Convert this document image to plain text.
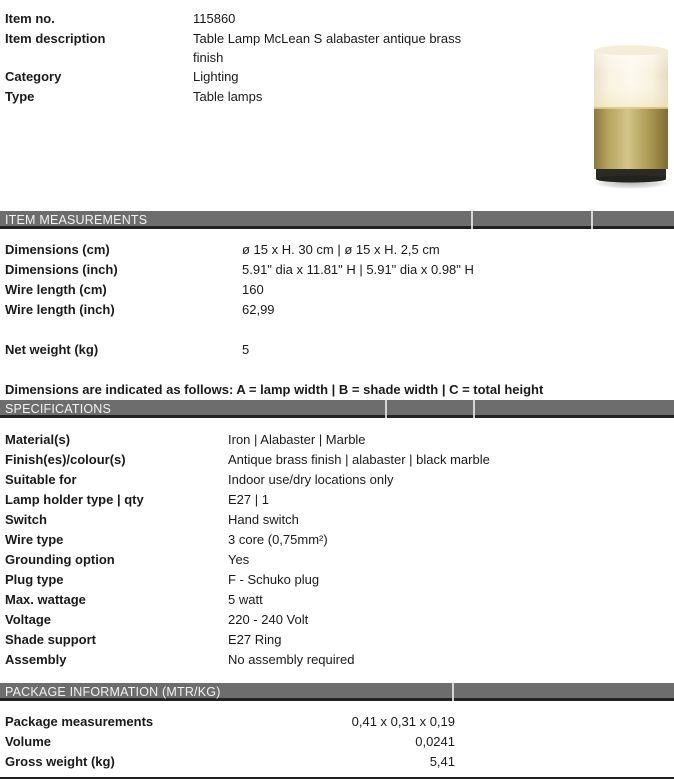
Item no.	115860
Item description	Table Lamp McLean S alabaster antique brass finish
Category	Lighting
Type	Table lamps
ITEM MEASUREMENTS
Dimensions (cm)	ø 15 x H. 30 cm | ø 15 x H. 2,5 cm
Dimensions (inch)	5.91" dia x 11.81" H | 5.91" dia x 0.98" H
Wire length (cm)	160
Wire length (inch)	62,99
Net weight (kg)	5
Dimensions are indicated as follows: A = lamp width | B = shade width | C = total height
SPECIFICATIONS
Material(s)	Iron | Alabaster | Marble
Finish(es)/colour(s)	Antique brass finish | alabaster | black marble
Suitable for	Indoor use/dry locations only
Lamp holder type | qty	E27 | 1
Switch	Hand switch
Wire type	3 core (0,75mm²)
Grounding option	Yes
Plug type	F - Schuko plug
Max. wattage	5 watt
Voltage	220 - 240 Volt
Shade support	E27 Ring
Assembly	No assembly required
PACKAGE INFORMATION (MTR/KG)
Package measurements	0,41 x 0,31 x 0,19
Volume	0,0241
Gross weight (kg)	5,41
